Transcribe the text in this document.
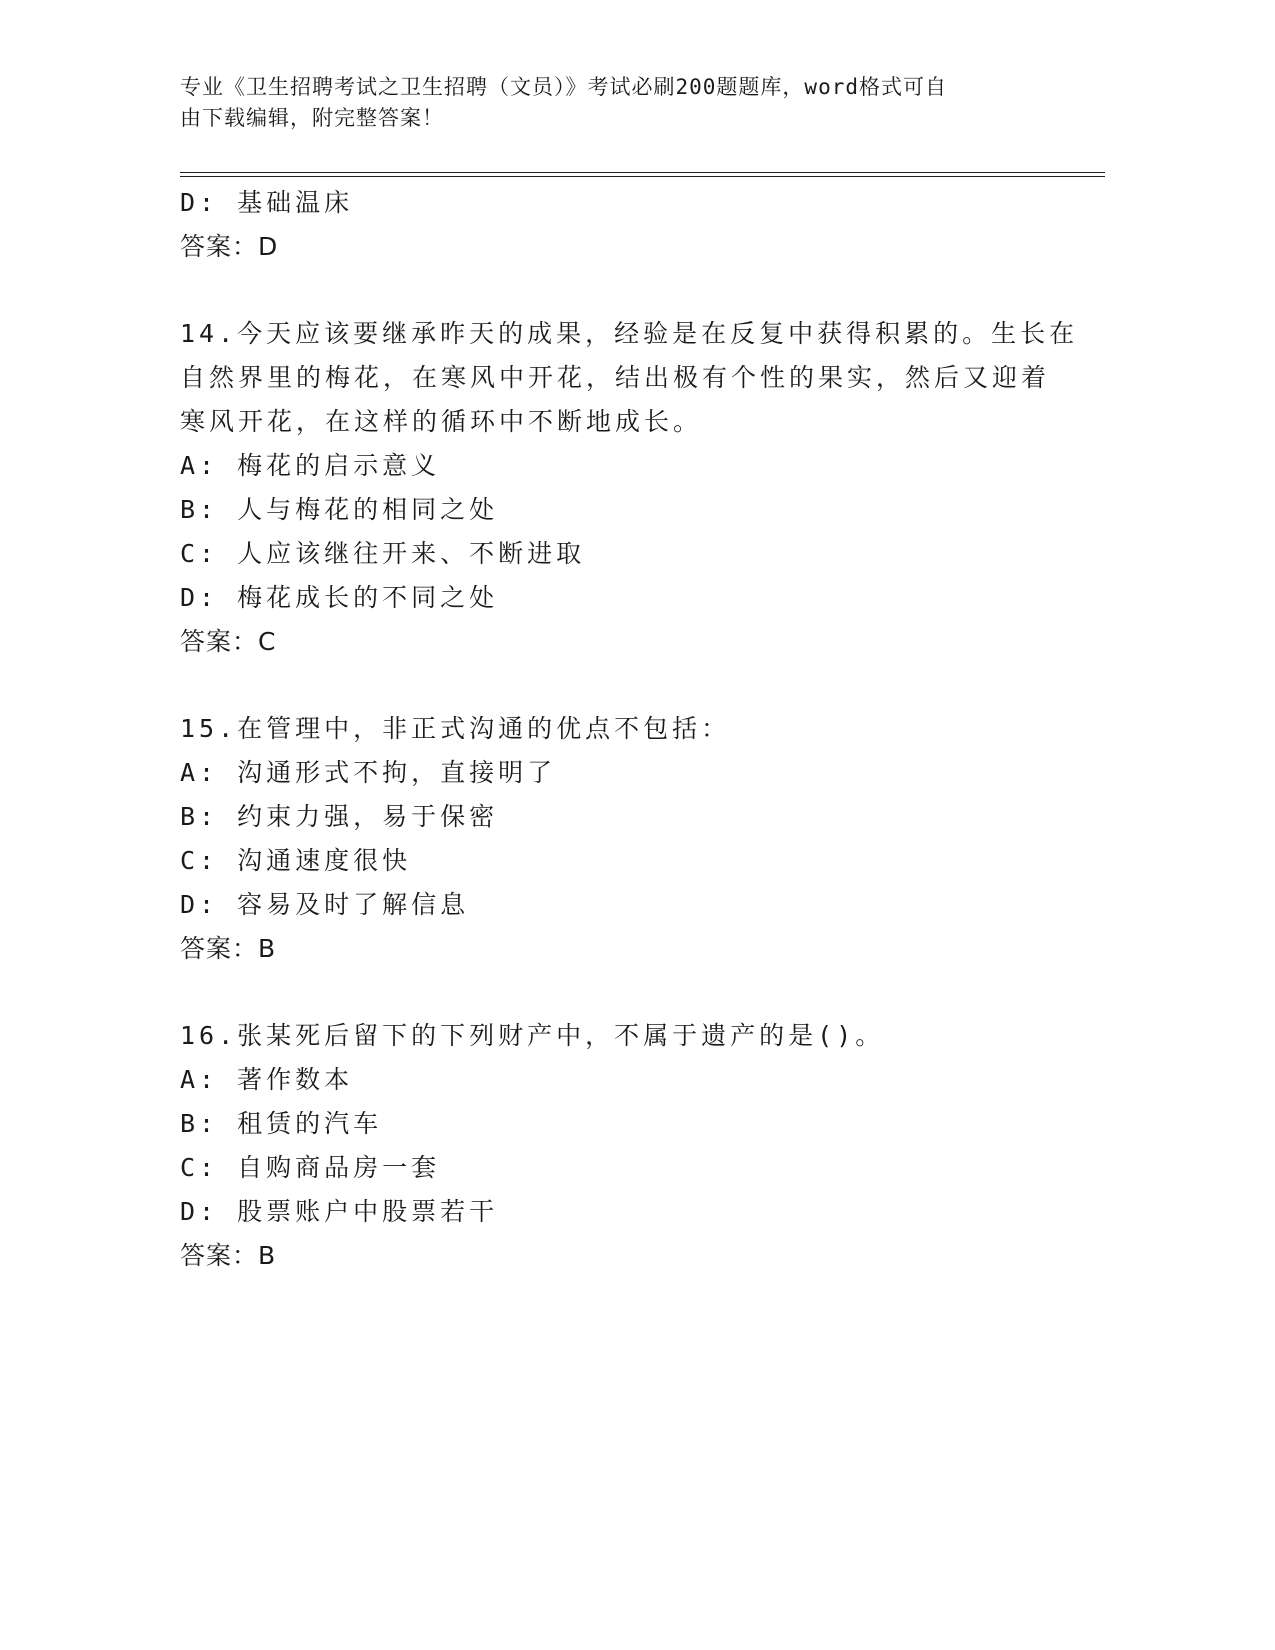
专业《卫生招聘考试之卫生招聘（文员）》考试必刷200题题库，word格式可自
由下载编辑，附完整答案！
D: 基础温床
答案：D
14.今天应该要继承昨天的成果，经验是在反复中获得积累的。生长在
自然界里的梅花，在寒风中开花，结出极有个性的果实，然后又迎着
寒风开花，在这样的循环中不断地成长。
A: 梅花的启示意义
B: 人与梅花的相同之处
C: 人应该继往开来、不断进取
D: 梅花成长的不同之处
答案：C
15.在管理中，非正式沟通的优点不包括：
A: 沟通形式不拘，直接明了
B: 约束力强，易于保密
C: 沟通速度很快
D: 容易及时了解信息
答案：B
16.张某死后留下的下列财产中，不属于遗产的是()。
A: 著作数本
B: 租赁的汽车
C: 自购商品房一套
D: 股票账户中股票若干
答案：B
